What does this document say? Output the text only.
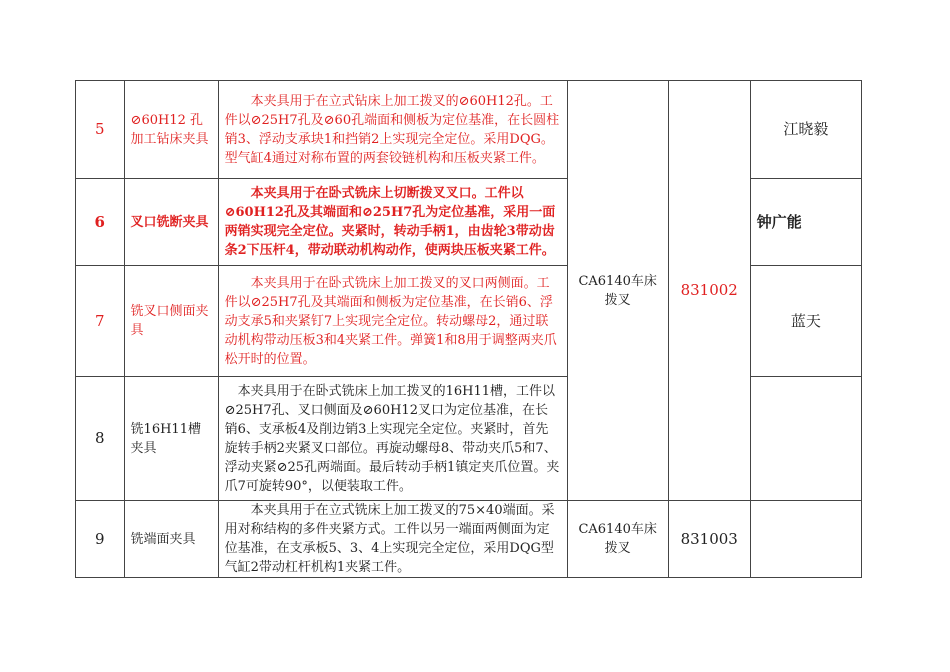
5	⊘60H12 孔加工钻床夹具	本夹具用于在立式钻床上加工拨叉的⊘60H12孔。工件以⊘25H7孔及⊘60孔端面和侧板为定位基准，在长圆柱销3、浮动支承块1和挡销2上实现完全定位。采用DQG。型气缸4通过对称布置的两套铰链机构和压板夹紧工件。	CA6140车床拨叉	831002	江晓毅
6	叉口铣断夹具	本夹具用于在卧式铣床上切断拨叉叉口。工件以⊘60H12孔及其端面和⊘25H7孔为定位基准，采用一面两销实现完全定位。夹紧时，转动手柄1，由齿轮3带动齿条2下压杆4，带动联动机构动作，使两块压板夹紧工件。			钟广能
7	铣叉口侧面夹具	本夹具用于在卧式铣床上加工拨叉的叉口两侧面。工件以⊘25H7孔及其端面和侧板为定位基准，在长销6、浮动支承5和夹紧钉7上实现完全定位。转动螺母2，通过联动机构带动压板3和4夹紧工件。弹簧1和8用于调整两夹爪松开时的位置。			蓝天
8	铣16H11槽夹具	本夹具用于在卧式铣床上加工拨叉的16H11槽，工件以⊘25H7孔、叉口侧面及⊘60H12叉口为定位基准，在长销6、支承板4及削边销3上实现完全定位。夹紧时，首先旋转手柄2夹紧叉口部位。再旋动螺母8、带动夹爪5和7、浮动夹紧⊘25孔两端面。最后转动手柄1镇定夹爪位置。夹爪7可旋转90°，以便装取工件。			

9	铣端面夹具	本夹具用于在立式铣床上加工拨叉的75×40端面。采用对称结构的多件夹紧方式。工件以另一端面两侧面为定位基准，在支承板5、3、4上实现完全定位，采用DQG型气缸2带动杠杆机构1夹紧工件。	CA6140车床拨叉	831003	
